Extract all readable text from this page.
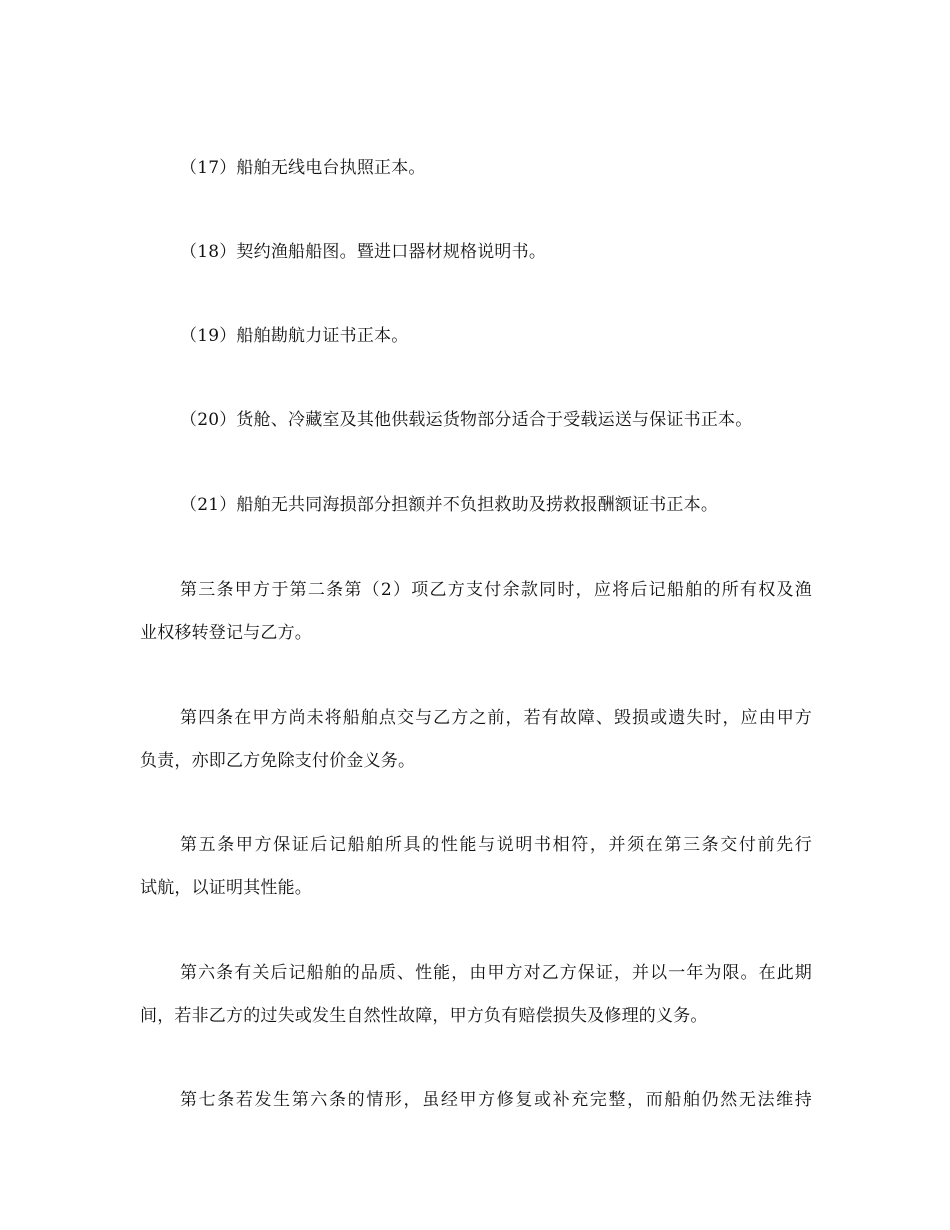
（17）船舶无线电台执照正本。
（18）契约渔船船图。暨进口器材规格说明书。
（19）船舶勘航力证书正本。
（20）货舱、冷藏室及其他供载运货物部分适合于受载运送与保证书正本。
（21）船舶无共同海损部分担额并不负担救助及捞救报酬额证书正本。
第三条甲方于第二条第（2）项乙方支付余款同时，应将后记船舶的所有权及渔
业权移转登记与乙方。
第四条在甲方尚未将船舶点交与乙方之前，若有故障、毁损或遗失时，应由甲方
负责，亦即乙方免除支付价金义务。
第五条甲方保证后记船舶所具的性能与说明书相符，并须在第三条交付前先行
试航，以证明其性能。
第六条有关后记船舶的品质、性能，由甲方对乙方保证，并以一年为限。在此期
间，若非乙方的过失或发生自然性故障，甲方负有赔偿损失及修理的义务。
第七条若发生第六条的情形，虽经甲方修复或补充完整，而船舶仍然无法维持
